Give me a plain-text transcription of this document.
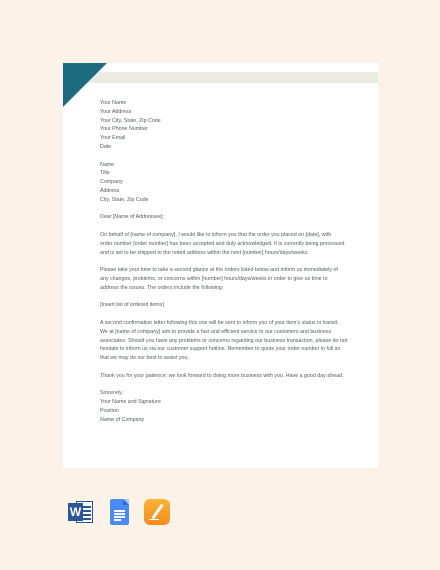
Your Name
Your Address
Your City, State, Zip Code
Your Phone Number
Your Email
Date
Name
Title
Company
Address
City, State, Zip Code
Dear [Name of Addressee];
On behalf of [name of company], I would like to inform you that the order you placed on [date], with
order number [order number] has been accepted and duly acknowledged. It is currently being processed
and is set to be shipped to the noted address within the next [number] hours/days/weeks.
Please take your time to take a second glance at the orders listed below and inform us immediately of
any changes, problems, or concerns within [number] hours/days/weeks in order to give us time to
address the issues. The orders include the following:
[Insert list of ordered items]
A second confirmation letter following this one will be sent to inform you of your item’s status in transit.
We at [name of company] aim to provide a fast and efficient service to our customers and business
associates. Should you have any problems or concerns regarding our business transaction, please do not
hesitate to inform us via our customer support hotline. Remember to quote your order number in full so
that we may do our best to assist you.
Thank you for your patience; we look forward to doing more business with you. Have a good day ahead.
Sincerely,
Your Name and Signature
Position
Name of Company
W
